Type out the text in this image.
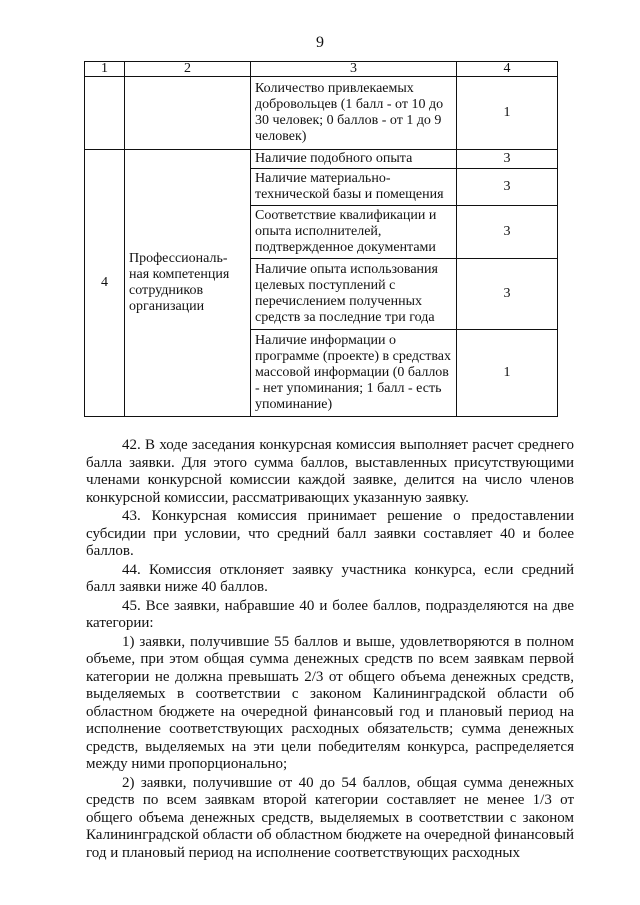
9
1	2	3	4
		Количество привлекаемых добровольцев (1 балл - от 10 до 30 человек; 0 баллов - от 1 до 9 человек)	1
4	Профессиональ-ная компетенция сотрудников организации	Наличие подобного опыта	3
		Наличие материально-технической базы и помещения	3
		Соответствие квалификации и опыта исполнителей, подтвержденное документами	3
		Наличие опыта использования целевых поступлений с перечислением полученных средств за последние три года	3
		Наличие информации о программе (проекте) в средствах массовой информации (0 баллов - нет упоминания; 1 балл - есть упоминание)	1

42. В ходе заседания конкурсная комиссия выполняет расчет среднего балла заявки. Для этого сумма баллов, выставленных присутствующими членами конкурсной комиссии каждой заявке, делится на число членов конкурсной комиссии, рассматривающих указанную заявку.

43. Конкурсная комиссия принимает решение о предоставлении субсидии при условии, что средний балл заявки составляет 40 и более баллов.

44. Комиссия отклоняет заявку участника конкурса, если средний балл заявки ниже 40 баллов.

45. Все заявки, набравшие 40 и более баллов, подразделяются на две категории:

1) заявки, получившие 55 баллов и выше, удовлетворяются в полном объеме, при этом общая сумма денежных средств по всем заявкам первой категории не должна превышать 2/3 от общего объема денежных средств, выделяемых в соответствии с законом Калининградской области об областном бюджете на очередной финансовый год и плановый период на исполнение соответствующих расходных обязательств; сумма денежных средств, выделяемых на эти цели победителям конкурса, распределяется между ними пропорционально;

2) заявки, получившие от 40 до 54 баллов, общая сумма денежных средств по всем заявкам второй категории составляет не менее 1/3 от общего объема денежных средств, выделяемых в соответствии с законом Калининградской области об областном бюджете на очередной финансовый год и плановый период на исполнение соответствующих расходных
